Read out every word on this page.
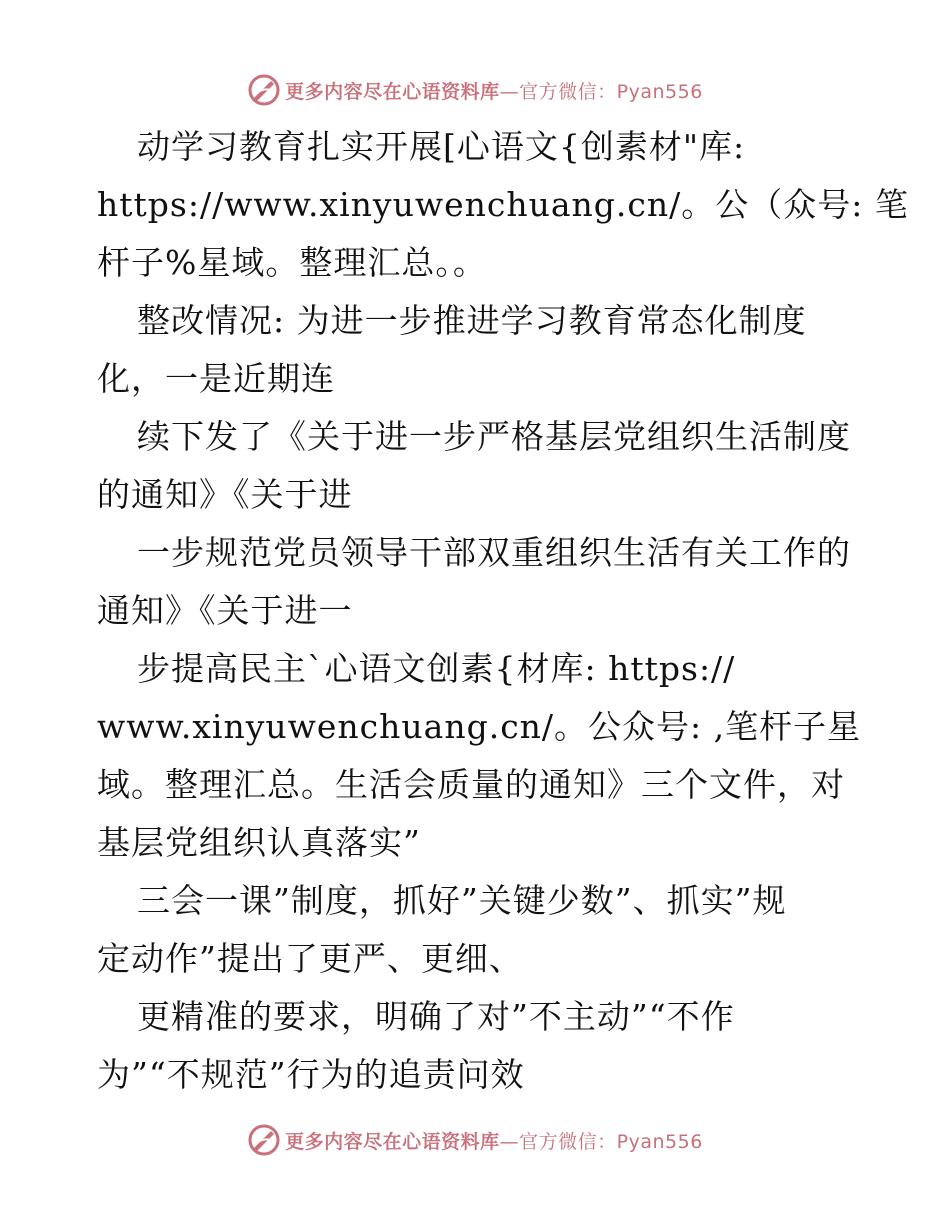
更多内容尽在心语资料库—官方微信：Pyan556
动学习教育扎实开展[心语文{创素材"库:
https://www.xinyuwenchuang.cn/。公（众号: 笔
杆子%星域。整理汇总。。
整改情况: 为进一步推进学习教育常态化制度
化，一是近期连
续下发了《关于进一步严格基层党组织生活制度
的通知》《关于进
一步规范党员领导干部双重组织生活有关工作的
通知》《关于进一
步提高民主`心语文创素{材库: https://
www.xinyuwenchuang.cn/。公众号: ,笔杆子星
域。整理汇总。生活会质量的通知》三个文件，对
基层党组织认真落实”
三会一课”制度，抓好”关键少数”、抓实”规
定动作”提出了更严、更细、
更精准的要求，明确了对”不主动”“不作
为”“不规范”行为的追责问效
更多内容尽在心语资料库—官方微信：Pyan556
